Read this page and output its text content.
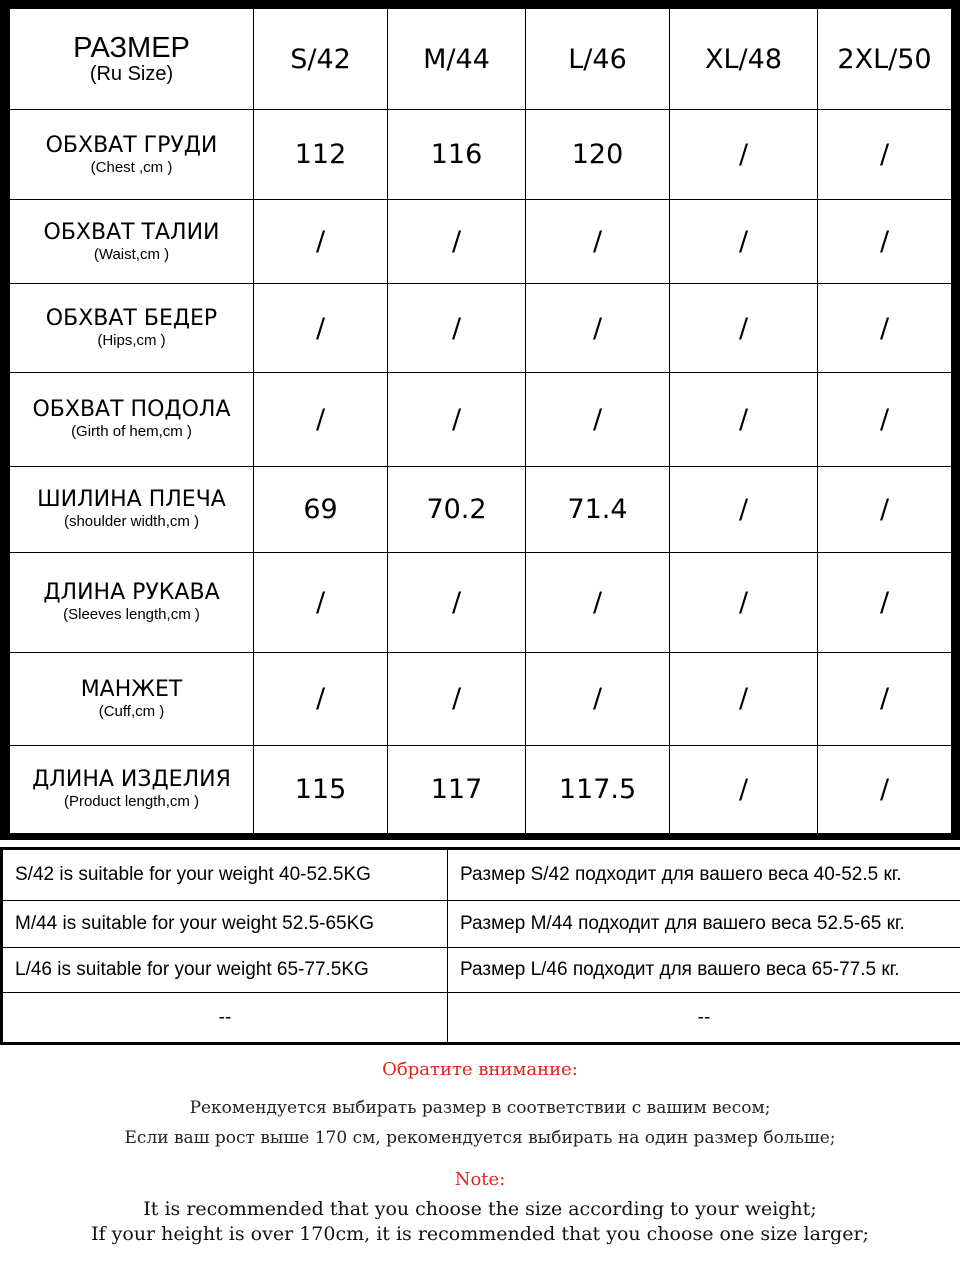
РАЗМЕР
(Ru Size)	S/42	M/44	L/46	XL/48	2XL/50

ОБХВАТ ГРУДИ
(Chest ,cm )	112	116	120	/	/

ОБХВАТ ТАЛИИ
(Waist,cm )	/	/	/	/	/

ОБХВАТ БЕДЕР
(Hips,cm )	/	/	/	/	/

ОБХВАТ ПОДОЛА
(Girth of hem,cm )	/	/	/	/	/

ШИЛИНА ПЛЕЧА
(shoulder width,cm )	69	70.2	71.4	/	/

ДЛИНА РУКАВА
(Sleeves length,cm )	/	/	/	/	/

МАНЖЕТ
(Cuff,cm )	/	/	/	/	/

ДЛИНА ИЗДЕЛИЯ
(Product length,cm )	115	117	117.5	/	/
S/42 is suitable for your weight 40-52.5KG	Размер S/42 подходит для вашего веса 40-52.5 кг.
M/44 is suitable for your weight 52.5-65KG	Размер M/44 подходит для вашего веса 52.5-65 кг.
L/46 is suitable for your weight 65-77.5KG	Размер L/46 подходит для вашего веса 65-77.5 кг.
--	--

Обратите внимание:

Рекомендуется выбирать размер в соответствии с вашим весом;

Если ваш рост выше 170 см, рекомендуется выбирать на один размер больше;

Note:

It is recommended that you choose the size according to your weight;

If your height is over 170cm, it is recommended that you choose one size larger;
